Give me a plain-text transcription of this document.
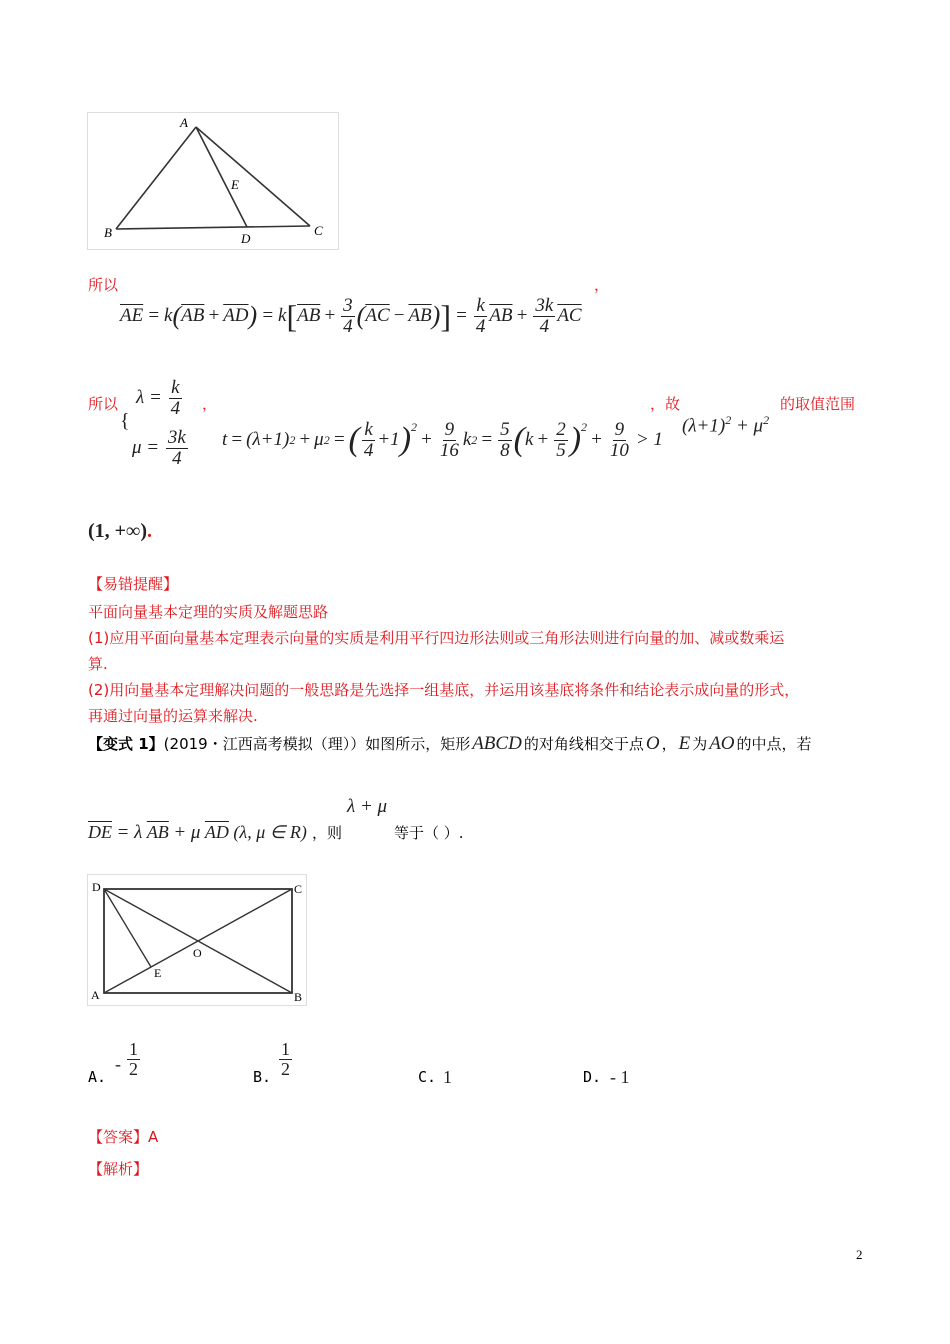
A
B	C
D
E
所以	，
$\overline{AE} = k$ ( $\overline{AB} + \overline{AD}$ ) = k [ $\overline{AB} + \frac{3}{4}$ ( $\overline{AC} - \overline{AB}$ ) ] = $\frac{k}{4} \overline{AB} + \frac{3k}{4} \overline{AC}$
所以 $\lambda = \frac{k}{4}$
{
$\mu = \frac{3k}{4}$
，
t = (λ+1) 2 + μ 2 = ( $\frac{k}{4} +1$ )$^2$
+ $\frac{9}{16}$ k $2 = \frac{5}{8}$ ( $k + \frac{2}{5} )^2$
+ $\frac{9}{10} > 1$
，故
$(\lambda+1)^2 + \mu^2$
的取值范围
(1, +∞).
【易错提醒】
平面向量基本定理的实质及解题思路
(1)应用平面向量基本定理表示向量的实质是利用平行四边形法则或三角形法则进行向量的加、减或数乘运
算.
(2)用向量基本定理解决问题的一般思路是先选择一组基底，并运用该基底将条件和结论表示成向量的形式，
再通过向量的运算来解决.
【变式 1】 (2019・江西高考模拟（理））如图所示，矩形 ABCD 的对角线相交于点 O ， E 为 AO 的中点，若
λ + μ
$\overline{DE} = \lambda$ $\overline{AB} + \mu$ $\overline{AD}$ (λ, μ ∈ R) ，则	等于（ ）.
D	C
A	B
E
O
A.
- $\frac{1}{2}$	B. $\frac{1}{2}$	C. 1	D. - 1
【答案】A
【解析】
2
